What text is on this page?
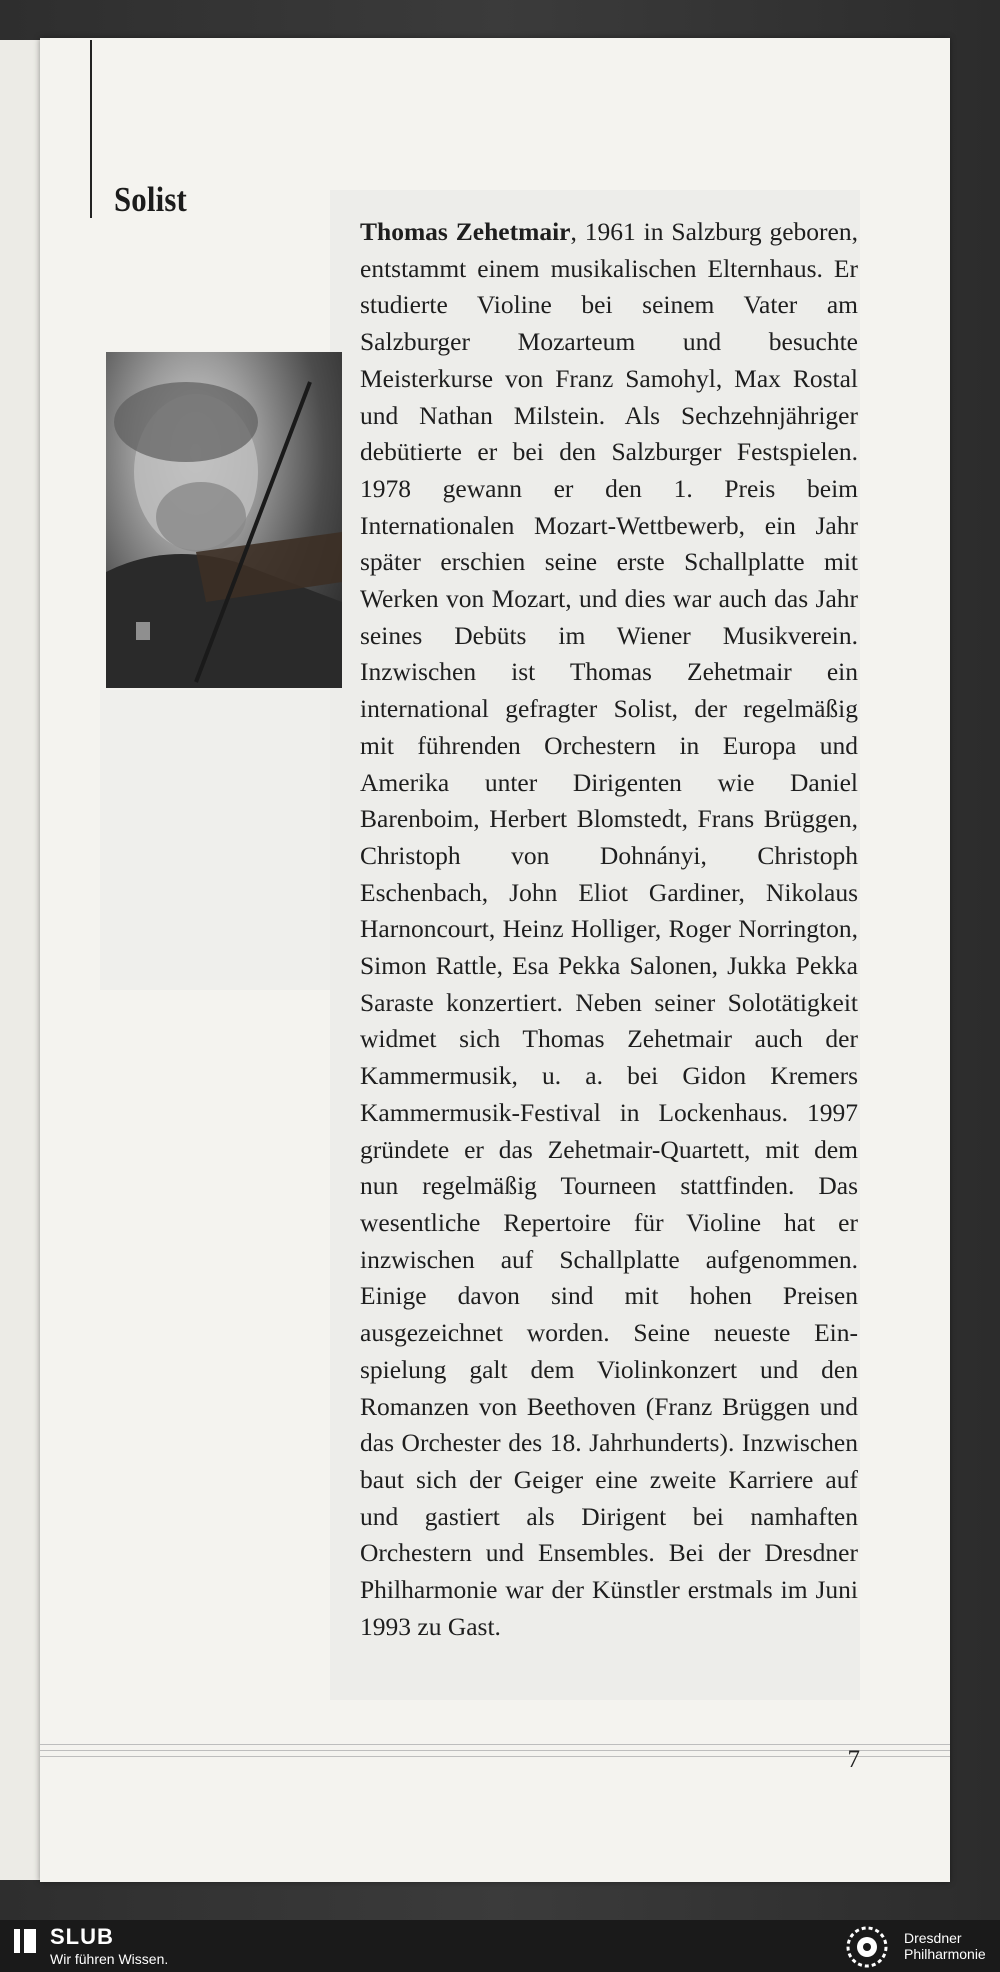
Solist

Thomas Zehetmair, 1961 in Salzburg geboren, entstammt einem musikalischen Elternhaus. Er studierte Violine bei seinem Vater am Salzburger Mozarteum und besuchte Meisterkurse von Franz Samohyl, Max Rostal und Nathan Milstein. Als Sechzehnjähriger debütierte er bei den Salzburger Festspielen. 1978 gewann er den 1. Preis beim Internationalen Mozart-Wettbewerb, ein Jahr später erschien seine erste Schallplatte mit Werken von Mozart, und dies war auch das Jahr seines Debüts im Wiener Musikverein. Inzwischen ist Thomas Zehetmair ein international gefragter Solist, der regelmäßig mit führenden Orchestern in Europa und Amerika unter Dirigenten wie Daniel Barenboim, Herbert Blomstedt, Frans Brüggen, Christoph von Dohnányi, Christoph Eschenbach, John Eliot Gardiner, Nikolaus Harnoncourt, Heinz Holliger, Roger Norrington, Simon Rattle, Esa Pekka Salonen, Jukka Pekka Saraste konzertiert. Neben seiner Solotätigkeit widmet sich Thomas Zehetmair auch der Kammermusik, u. a. bei Gidon Kremers Kammermusik-Festival in Lockenhaus. 1997 gründete er das Zehetmair-Quartett, mit dem nun regelmäßig Tourneen stattfinden. Das wesentliche Repertoire für Violine hat er inzwischen auf Schallplatte aufgenommen. Einige davon sind mit hohen Preisen ausgezeichnet worden. Seine neueste Einspielung galt dem Violinkonzert und den Romanzen von Beethoven (Franz Brüggen und das Orchester des 18. Jahrhunderts). Inzwischen baut sich der Geiger eine zweite Karriere auf und gastiert als Dirigent bei namhaften Orchestern und Ensembles. Bei der Dresdner Philharmonie war der Künstler erstmals im Juni 1993 zu Gast.

7
SLUB
Wir führen Wissen.
Dresdner
Philharmonie
